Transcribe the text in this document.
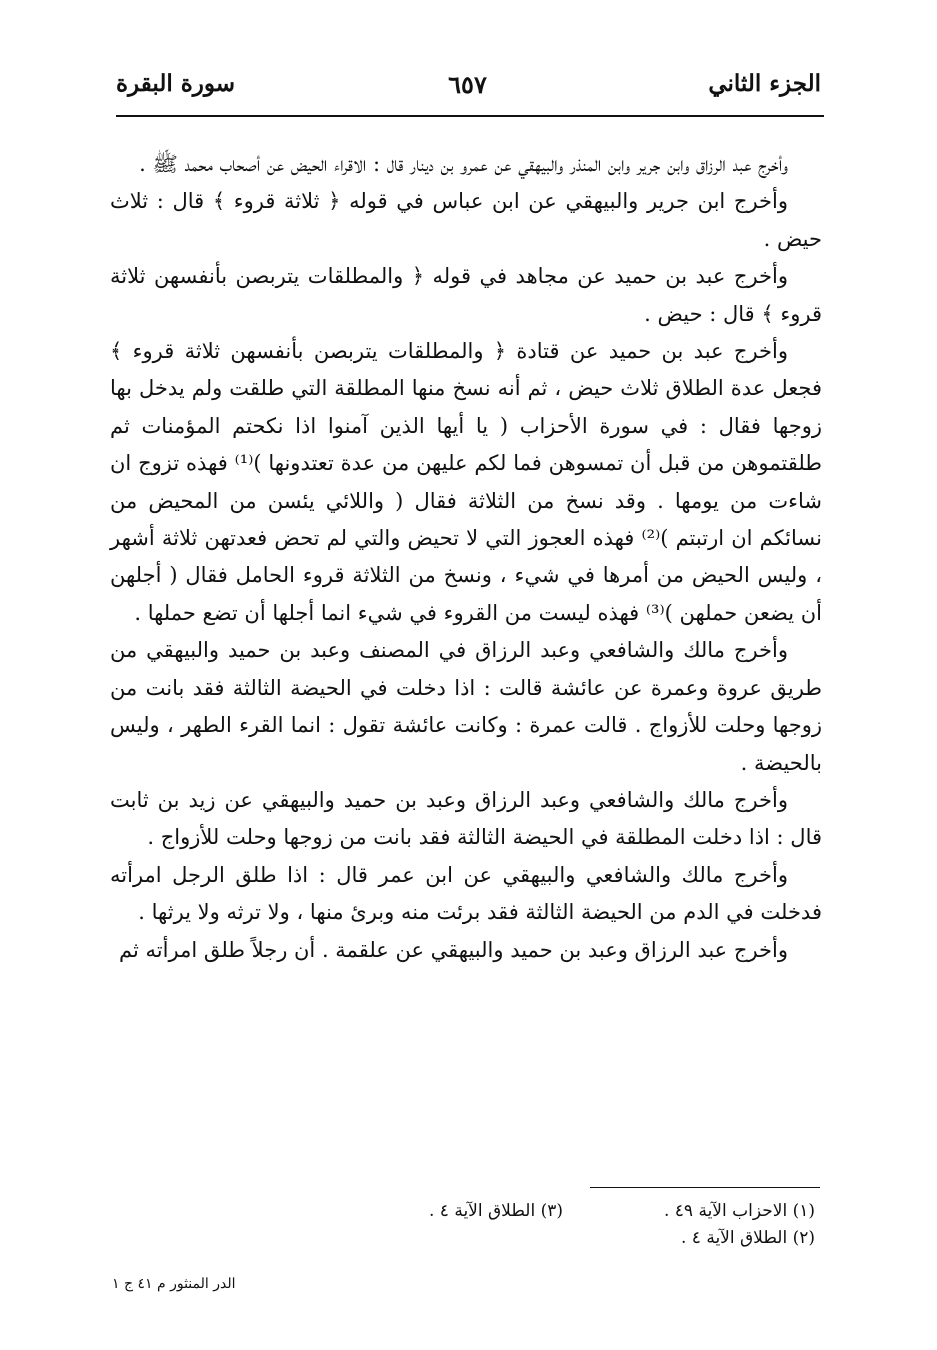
الجزء الثاني
٦٥٧
سورة البقرة

وأخرج عبد الرزاق وابن جرير وابن المنذر والبيهقي عن عمرو بن دينار قال : الاقراء الحيض عن أصحاب محمد ﷺ .

وأخرج ابن جرير والبيهقي عن ابن عباس في قوله ﴿ ثلاثة قروء ﴾ قال : ثلاث حيض .

وأخرج عبد بن حميد عن مجاهد في قوله ﴿ والمطلقات يتربصن بأنفسهن ثلاثة قروء ﴾ قال : حيض .

وأخرج عبد بن حميد عن قتادة ﴿ والمطلقات يتربصن بأنفسهن ثلاثة قروء ﴾ فجعل عدة الطلاق ثلاث حيض ، ثم أنه نسخ منها المطلقة التي طلقت ولم يدخل بها زوجها فقال : في سورة الأحزاب ( يا أيها الذين آمنوا اذا نكحتم المؤمنات ثم طلقتموهن من قبل أن تمسوهن فما لكم عليهن من عدة تعتدونها )⁽¹⁾ فهذه تزوج ان شاءت من يومها . وقد نسخ من الثلاثة فقال ( واللائي يئسن من المحيض من نسائكم ان ارتبتم )⁽²⁾ فهذه العجوز التي لا تحيض والتي لم تحض فعدتهن ثلاثة أشهر ، وليس الحيض من أمرها في شيء ، ونسخ من الثلاثة قروء الحامل فقال ( أجلهن أن يضعن حملهن )⁽³⁾ فهذه ليست من القروء في شيء انما أجلها أن تضع حملها .

وأخرج مالك والشافعي وعبد الرزاق في المصنف وعبد بن حميد والبيهقي من طريق عروة وعمرة عن عائشة قالت : اذا دخلت في الحيضة الثالثة فقد بانت من زوجها وحلت للأزواج . قالت عمرة : وكانت عائشة تقول : انما القرء الطهر ، وليس بالحيضة .

وأخرج مالك والشافعي وعبد الرزاق وعبد بن حميد والبيهقي عن زيد بن ثابت قال : اذا دخلت المطلقة في الحيضة الثالثة فقد بانت من زوجها وحلت للأزواج .

وأخرج مالك والشافعي والبيهقي عن ابن عمر قال : اذا طلق الرجل امرأته فدخلت في الدم من الحيضة الثالثة فقد برئت منه وبرئ منها ، ولا ترثه ولا يرثها .

وأخرج عبد الرزاق وعبد بن حميد والبيهقي عن علقمة . أن رجلاً طلق امرأته ثم

(١) الاحزاب الآية ٤٩ .
(٣) الطلاق الآية ٤ .
(٢) الطلاق الآية ٤ .
الدر المنثور م ٤١ ج ١
